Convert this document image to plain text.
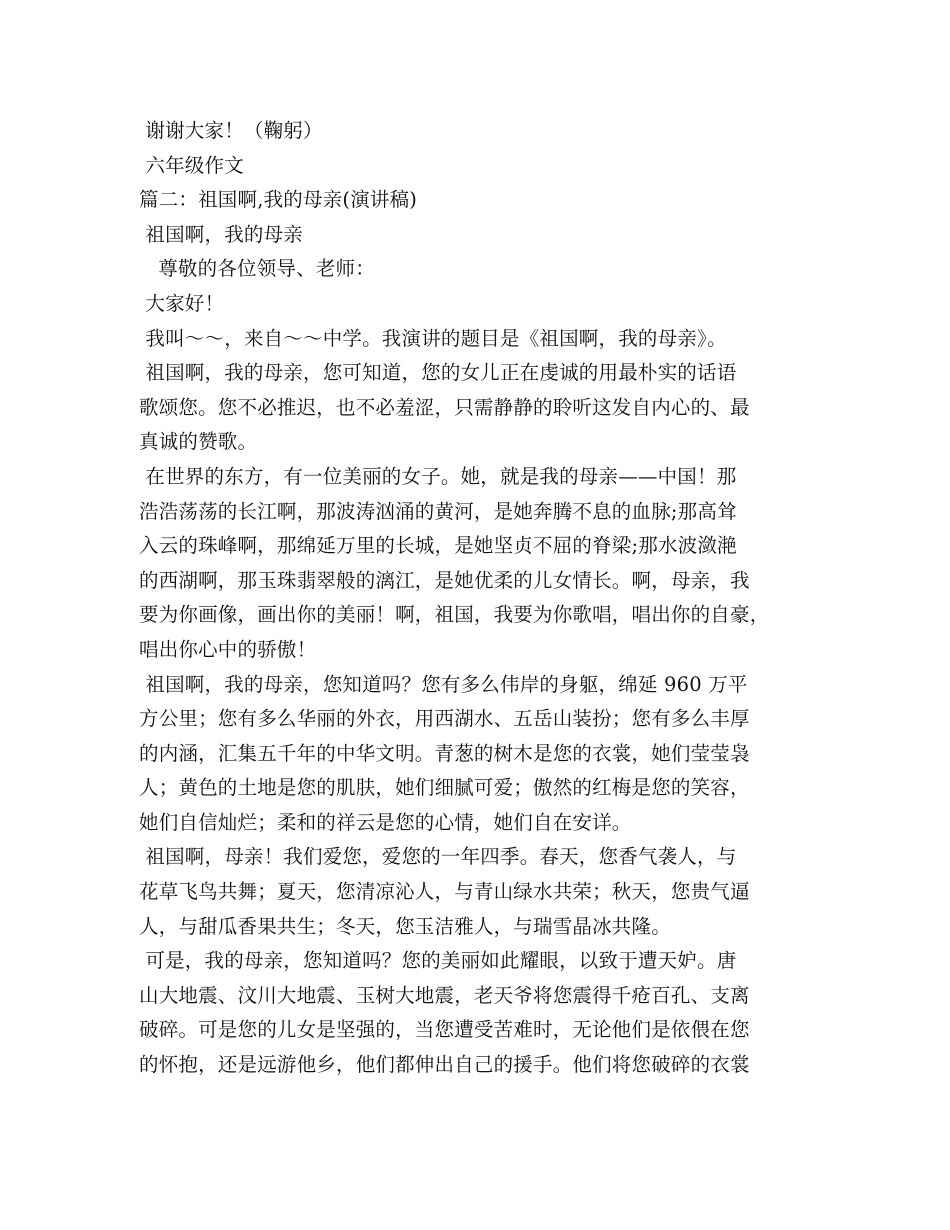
谢谢大家！（鞠躬）

六年级作文

篇二：祖国啊,我的母亲(演讲稿)

祖国啊，我的母亲

尊敬的各位领导、老师：

大家好！

我叫～～，来自～～中学。我演讲的题目是《祖国啊，我的母亲》。

祖国啊，我的母亲，您可知道，您的女儿正在虔诚的用最朴实的话语

歌颂您。您不必推迟，也不必羞涩，只需静静的聆听这发自内心的、最

真诚的赞歌。

在世界的东方，有一位美丽的女子。她，就是我的母亲——中国！那

浩浩荡荡的长江啊，那波涛汹涌的黄河，是她奔腾不息的血脉;那高耸

入云的珠峰啊，那绵延万里的长城，是她坚贞不屈的脊梁;那水波潋滟

的西湖啊，那玉珠翡翠般的漓江，是她优柔的儿女情长。啊，母亲，我

要为你画像，画出你的美丽！啊，祖国，我要为你歌唱，唱出你的自豪，

唱出你心中的骄傲！

祖国啊，我的母亲，您知道吗？您有多么伟岸的身躯，绵延 960 万平

方公里；您有多么华丽的外衣，用西湖水、五岳山装扮；您有多么丰厚

的内涵，汇集五千年的中华文明。青葱的树木是您的衣裳，她们莹莹袅

人；黄色的土地是您的肌肤，她们细腻可爱；傲然的红梅是您的笑容，

她们自信灿烂；柔和的祥云是您的心情，她们自在安详。

祖国啊，母亲！我们爱您，爱您的一年四季。春天，您香气袭人，与

花草飞鸟共舞；夏天，您清凉沁人，与青山绿水共荣；秋天，您贵气逼

人，与甜瓜香果共生；冬天，您玉洁雅人，与瑞雪晶冰共隆。

可是，我的母亲，您知道吗？您的美丽如此耀眼，以致于遭天妒。唐

山大地震、汶川大地震、玉树大地震，老天爷将您震得千疮百孔、支离

破碎。可是您的儿女是坚强的，当您遭受苦难时，无论他们是依偎在您

的怀抱，还是远游他乡，他们都伸出自己的援手。他们将您破碎的衣裳
